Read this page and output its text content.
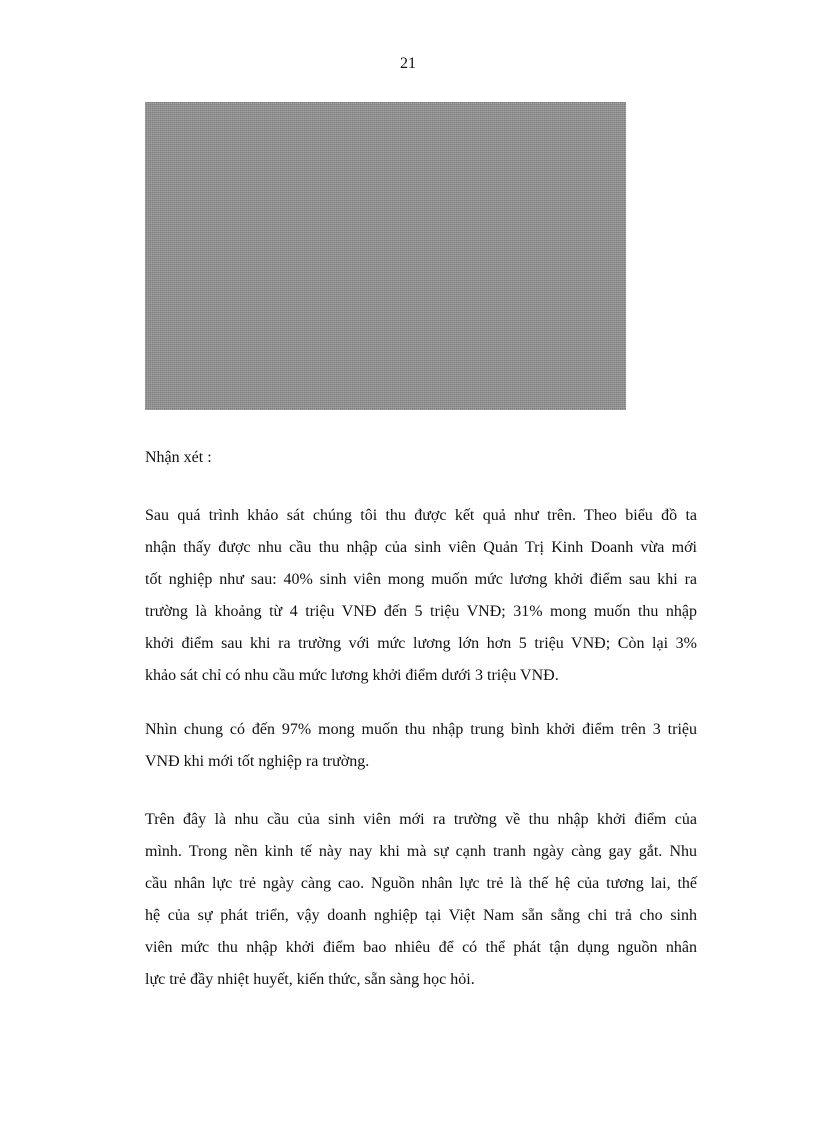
21
Nhận xét :
Sau quá trình khảo sát chúng tôi thu được kết quả như trên. Theo biểu đồ ta
nhận thấy được nhu cầu thu nhập của sinh viên Quản Trị Kinh Doanh vừa mới
tốt nghiệp như sau: 40% sinh viên mong muốn mức lương khởi điểm sau khi ra
trường là khoảng từ 4 triệu VNĐ đến 5 triệu VNĐ; 31% mong muốn thu nhập
khởi điểm sau khi ra trường với mức lương lớn hơn 5 triệu VNĐ; Còn lại 3%
khảo sát chỉ có nhu cầu mức lương khởi điểm dưới 3 triệu VNĐ.
Nhìn chung có đến 97% mong muốn thu nhập trung bình khởi điểm trên 3 triệu
VNĐ khi mới tốt nghiệp ra trường.
Trên đây là nhu cầu của sinh viên mới ra trường về thu nhập khởi điểm của
mình. Trong nền kinh tế này nay khi mà sự cạnh tranh ngày càng gay gắt. Nhu
cầu nhân lực trẻ ngày càng cao. Nguồn nhân lực trẻ là thế hệ của tương lai, thế
hệ của sự phát triển, vậy doanh nghiệp tại Việt Nam sẵn sằng chi trả cho sinh
viên mức thu nhập khởi điểm bao nhiêu để có thể phát tận dụng nguồn nhân
lực trẻ đầy nhiệt huyết, kiến thức, sẵn sàng học hỏi.
